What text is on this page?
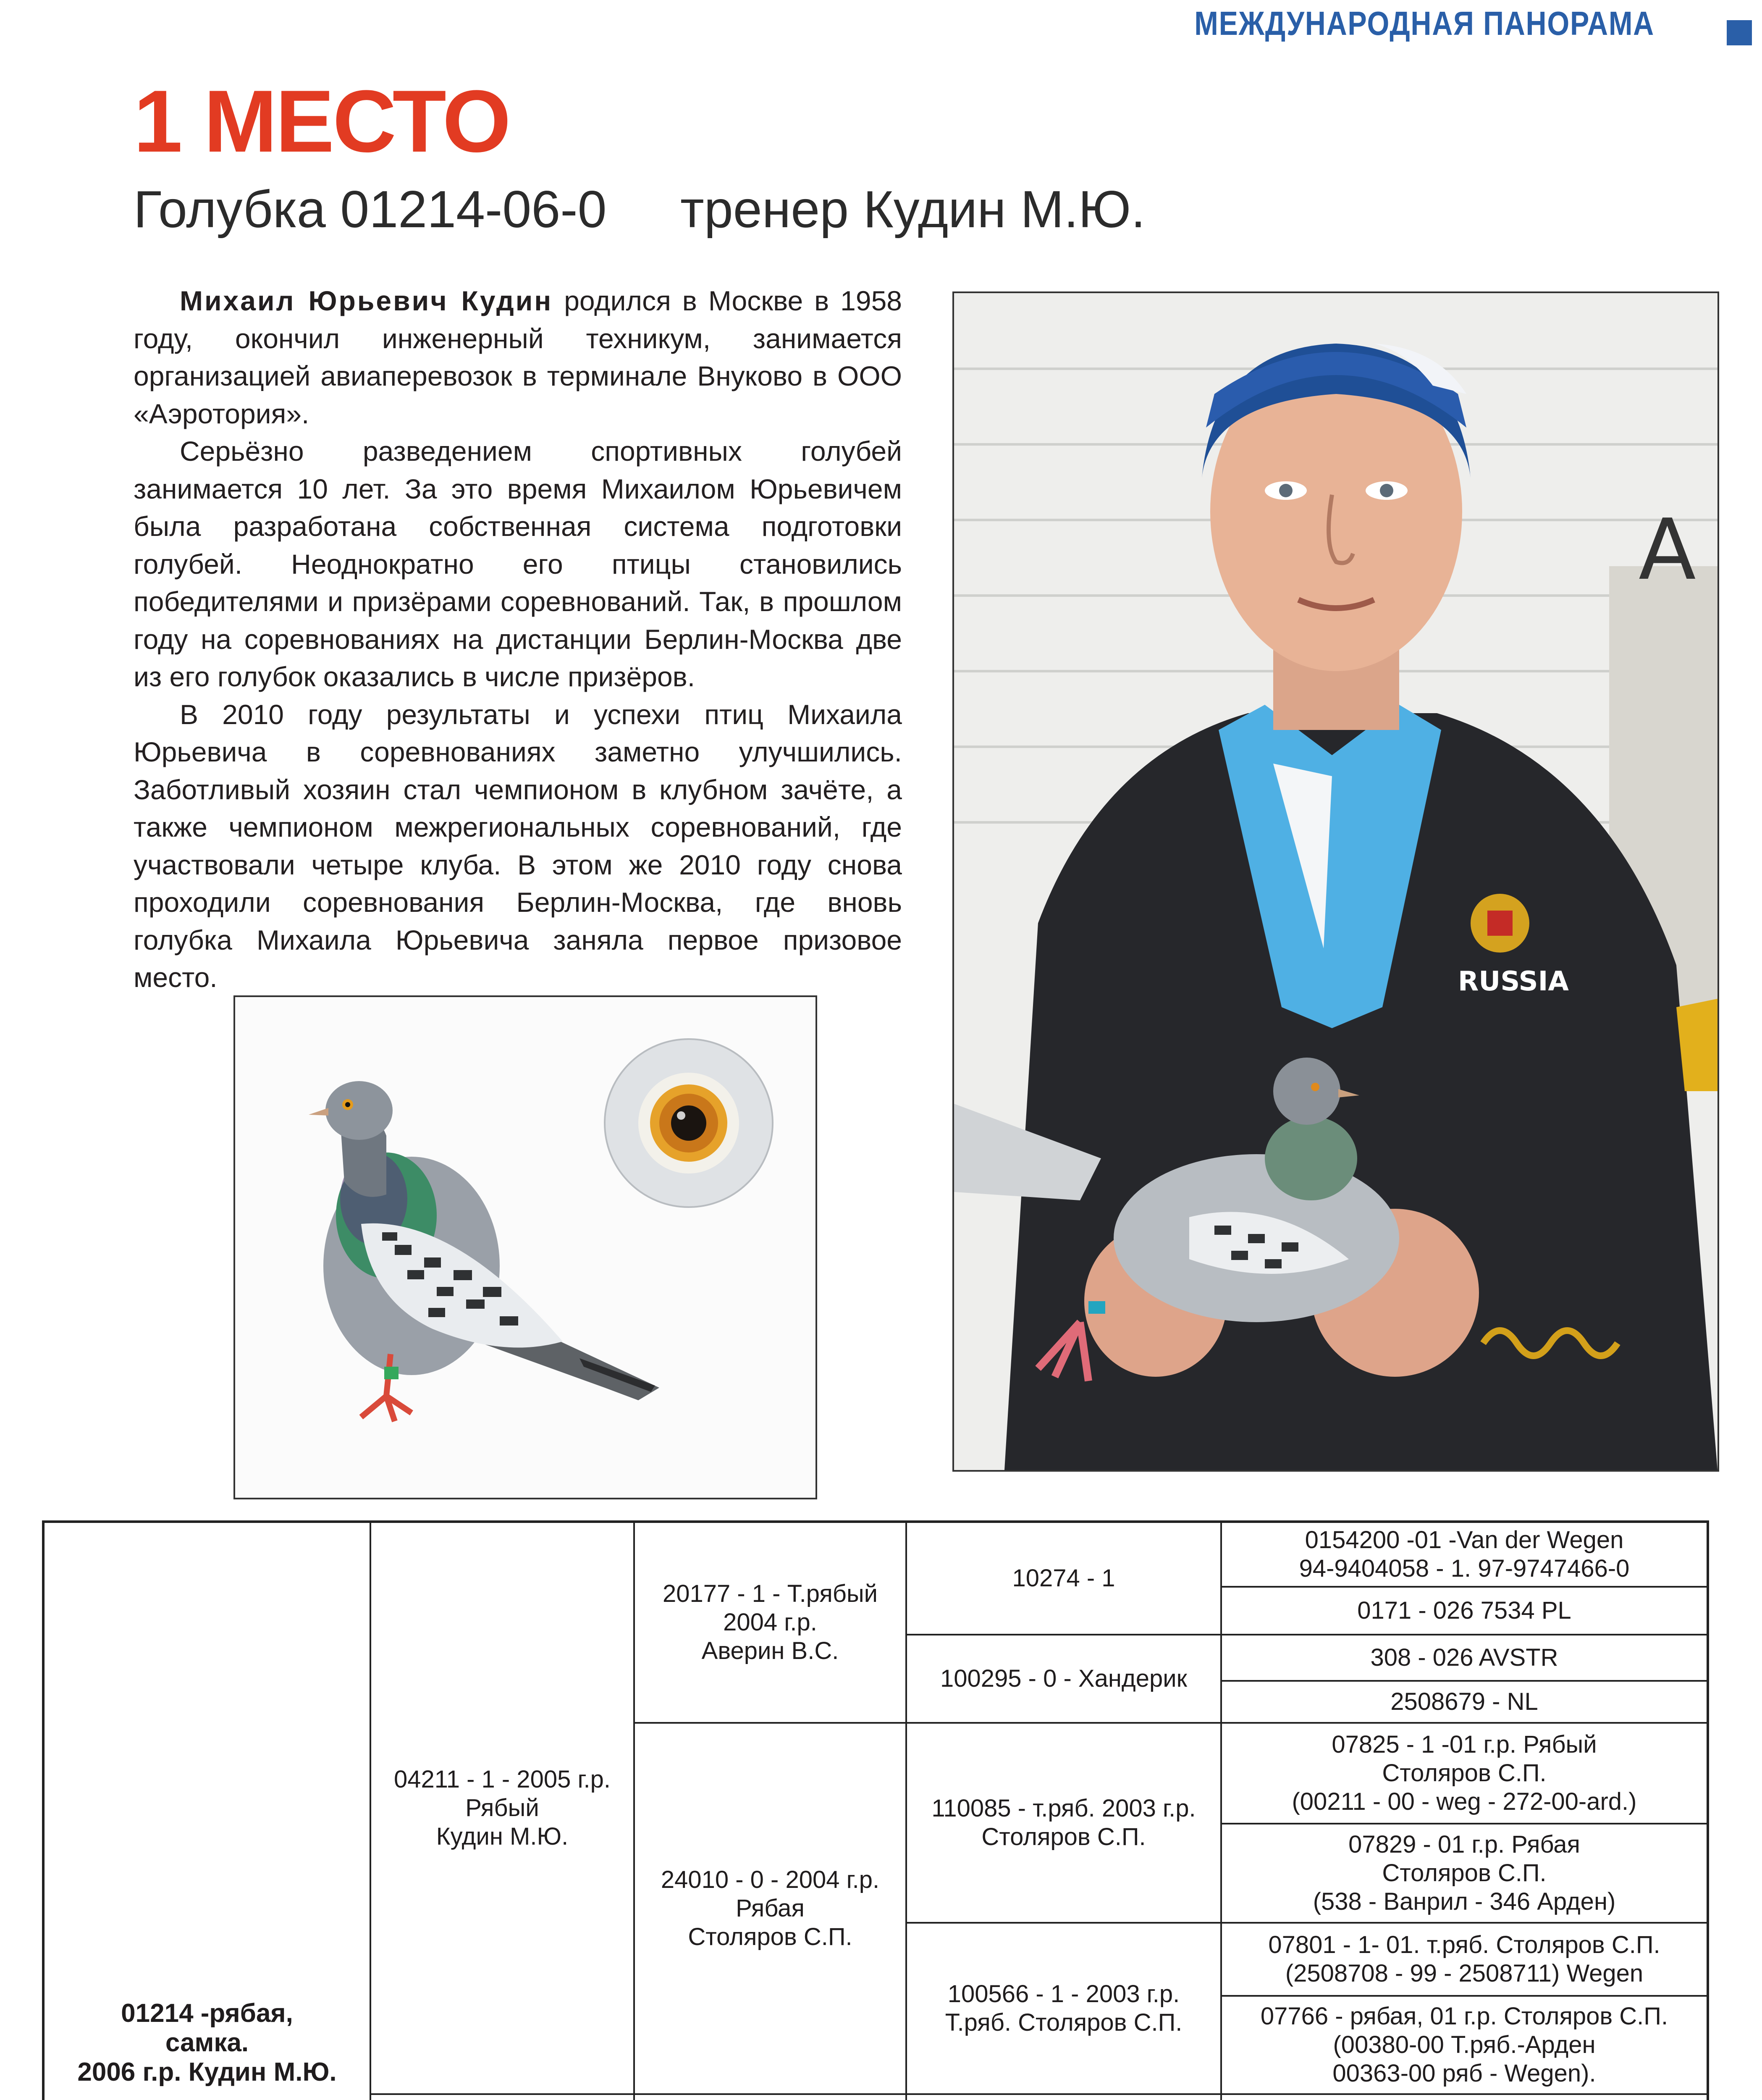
МЕЖДУНАРОДНАЯ ПАНОРАМА
1 МЕСТО
Голубка 01214-06-0 тренер Кудин М.Ю.

Михаил Юрьевич Кудин родился в Москве в 1958 году, окончил инженерный техникум, занимается организацией авиаперевозок в терминале Внуково в ООО «Аэротория».

Серьёзно разведением спортивных голубей занимается 10 лет. За это время Михаилом Юрьевичем была разработана собственная система подготовки голубей. Неоднократно его птицы становились победителями и призёрами соревнований. Так, в прошлом году на соревнованиях на дистанции Берлин-Москва две из его голубок оказались в числе призёров.

В 2010 году результаты и успехи птиц Михаила Юрьевича в соревнованиях заметно улучшились. Заботливый хозяин стал чемпионом в клубном зачёте, а также чемпионом межрегиональных соревнований, где участвовали четыре клуба. В этом же 2010 году снова проходили соревнования Берлин-Москва, где вновь голубка Михаила Юрьевича заняла первое призовое место.

A
RUSSIA
01214 -рябая,
самка.
2006 г.р. Кудин М.Ю.
04211 - 1 - 2005 г.р.
Рябый
Кудин М.Ю.
20177 - 1 - Т.рябый
2004 г.р.
Аверин В.С.
24010 - 0 - 2004 г.р.
Рябая
Столяров С.П.
10274 - 1
100295 - 0 - Хандерик
110085 - т.ряб. 2003 г.р.
Столяров С.П.
100566 - 1 - 2003 г.р.
Т.ряб. Столяров С.П.
0154200 -01 -Van der Wegen
94-9404058 - 1. 97-9747466-0
0171 - 026 7534 PL
308 - 026 AVSTR
2508679 - NL
07825 - 1 -01 г.р. Рябый
Столяров С.П.
(00211 - 00 - weg - 272-00-ard.)
07829 - 01 г.р. Рябая
Столяров С.П.
(538 - Ванрил - 346 Арден)
07801 - 1- 01. т.ряб. Столяров С.П.
(2508708 - 99 - 2508711) Wegen
07766 - рябая, 01 г.р. Столяров С.П.
(00380-00 Т.ряб.-Арден
00363-00 ряб - Wegen).
